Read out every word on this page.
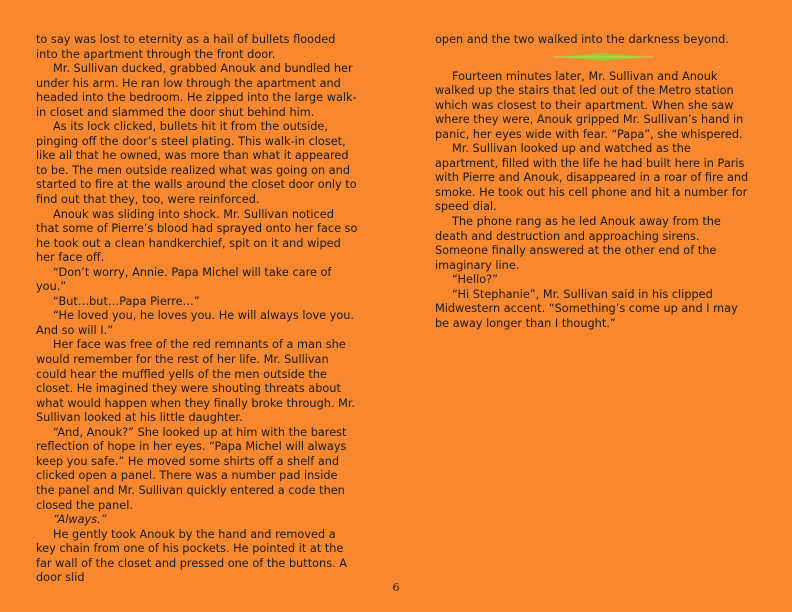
to say was lost to eternity as a hail of bullets flooded into the apartment through the front door.

Mr. Sullivan ducked, grabbed Anouk and bundled her under his arm. He ran low through the apartment and headed into the bedroom. He zipped into the large walk-in closet and slammed the door shut behind him.

As its lock clicked, bullets hit it from the outside, pinging off the door’s steel plating. This walk-in closet, like all that he owned, was more than what it appeared to be. The men outside realized what was going on and started to fire at the walls around the closet door only to find out that they, too, were reinforced.

Anouk was sliding into shock. Mr. Sullivan noticed that some of Pierre’s blood had sprayed onto her face so he took out a clean handkerchief, spit on it and wiped her face off.

“Don’t worry, Annie. Papa Michel will take care of you.”

“But…but…Papa Pierre…”

“He loved you, he loves you. He will always love you. And so will I.”

Her face was free of the red remnants of a man she would remember for the rest of her life. Mr. Sullivan could hear the muffled yells of the men outside the closet. He imagined they were shouting threats about what would happen when they finally broke through. Mr. Sullivan looked at his little daughter.

“And, Anouk?” She looked up at him with the barest reflection of hope in her eyes. “Papa Michel will always keep you safe.” He moved some shirts off a shelf and clicked open a panel. There was a number pad inside the panel and Mr. Sullivan quickly entered a code then closed the panel.

“Always.”

He gently took Anouk by the hand and removed a key chain from one of his pockets. He pointed it at the far wall of the closet and pressed one of the buttons. A door slid

open and the two walked into the darkness beyond.

Fourteen minutes later, Mr. Sullivan and Anouk walked up the stairs that led out of the Metro station which was closest to their apartment. When she saw where they were, Anouk gripped Mr. Sullivan’s hand in panic, her eyes wide with fear. “Papa”, she whispered.

Mr. Sullivan looked up and watched as the apartment, filled with the life he had built here in Paris with Pierre and Anouk, disappeared in a roar of fire and smoke. He took out his cell phone and hit a number for speed dial.

The phone rang as he led Anouk away from the death and destruction and approaching sirens. Someone finally answered at the other end of the imaginary line.

“Hello?”

“Hi Stephanie”, Mr. Sullivan said in his clipped Midwestern accent. “Something’s come up and I may be away longer than I thought.”

6
